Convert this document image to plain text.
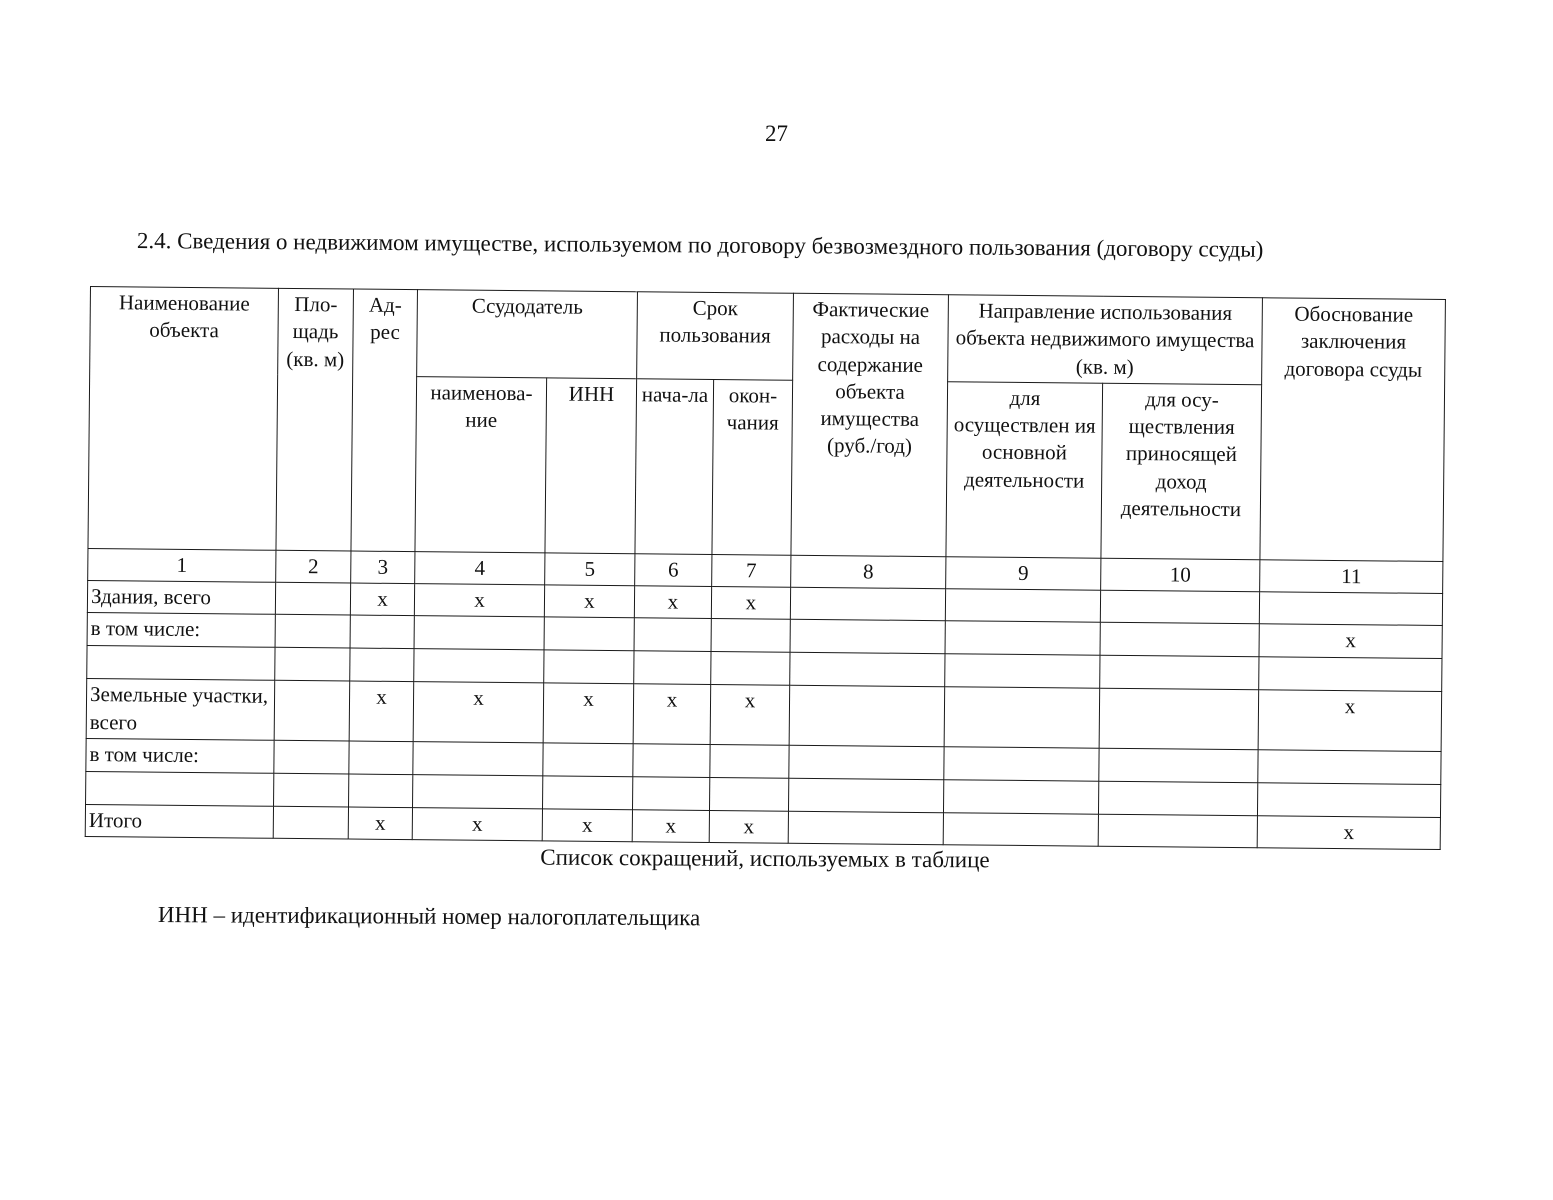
27
2.4. Сведения о недвижимом имуществе, используемом по договору безвозмездного пользования (договору ссуды)
Наименование объекта	Пло-щадь (кв. м)	Ад-рес	Ссудодатель		Срок пользования		Фактические расходы на содержание объекта имущества (руб./год)	Направление использования объекта недвижимого имущества (кв. м)		Обоснование заключения договора ссуды
			наименова-ние	ИНН	нача-ла	окон-чания		для осуществлен ия основной деятельности	для осу-ществления приносящей доход деятельности	
1	2	3	4	5	6	7	8	9	10	11
Здания, всего		x	x	x	x	x				
в том числе:										x

Земельные участки, всего		x	x	x	x	x				x
в том числе:										

Итого		x	x	x	x	x				x
Список сокращений, используемых в таблице
ИНН – идентификационный номер налогоплательщика
